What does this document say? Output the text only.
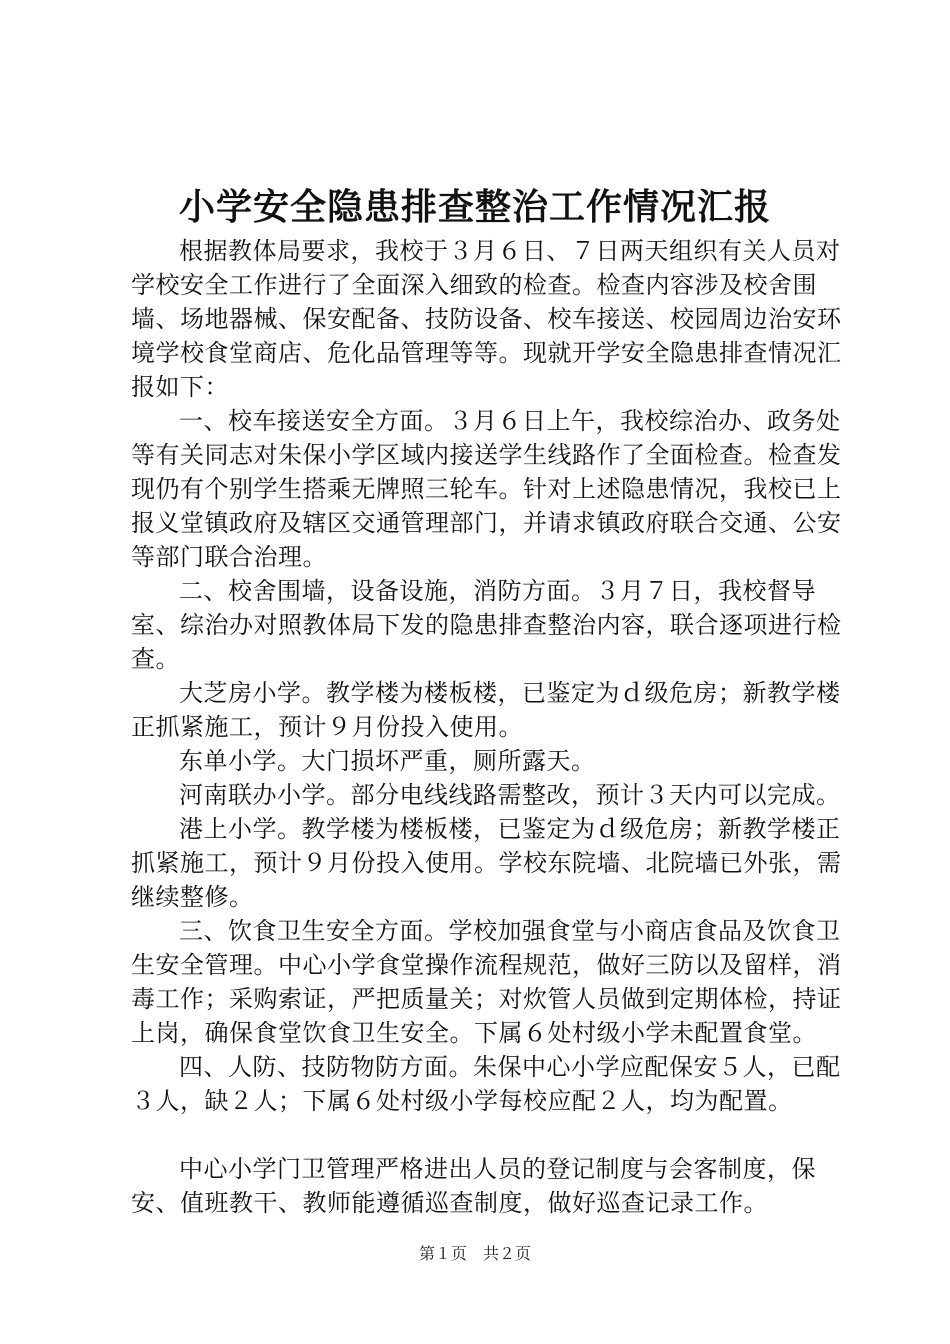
小学安全隐患排查整治工作情况汇报

根据教体局要求，我校于３月６日、７日两天组织有关人员对学校安全工作进行了全面深入细致的检查。检查内容涉及校舍围墙、场地器械、保安配备、技防设备、校车接送、校园周边治安环境学校食堂商店、危化品管理等等。现就开学安全隐患排查情况汇报如下：

一、校车接送安全方面。３月６日上午，我校综治办、政务处等有关同志对朱保小学区域内接送学生线路作了全面检查。检查发现仍有个别学生搭乘无牌照三轮车。针对上述隐患情况，我校已上报义堂镇政府及辖区交通管理部门，并请求镇政府联合交通、公安等部门联合治理。

二、校舍围墙，设备设施，消防方面。３月７日，我校督导室、综治办对照教体局下发的隐患排查整治内容，联合逐项进行检查。

大芝房小学。教学楼为楼板楼，已鉴定为ｄ级危房；新教学楼正抓紧施工，预计９月份投入使用。

东单小学。大门损坏严重，厕所露天。

河南联办小学。部分电线线路需整改，预计３天内可以完成。

港上小学。教学楼为楼板楼，已鉴定为ｄ级危房；新教学楼正抓紧施工，预计９月份投入使用。学校东院墙、北院墙已外张，需继续整修。

三、饮食卫生安全方面。学校加强食堂与小商店食品及饮食卫生安全管理。中心小学食堂操作流程规范，做好三防以及留样，消毒工作；采购索证，严把质量关；对炊管人员做到定期体检，持证上岗，确保食堂饮食卫生安全。下属６处村级小学未配置食堂。

四、人防、技防物防方面。朱保中心小学应配保安５人，已配３人，缺２人；下属６处村级小学每校应配２人，均为配置。

中心小学门卫管理严格进出人员的登记制度与会客制度，保安、值班教干、教师能遵循巡查制度，做好巡查记录工作。

第１页　共２页
